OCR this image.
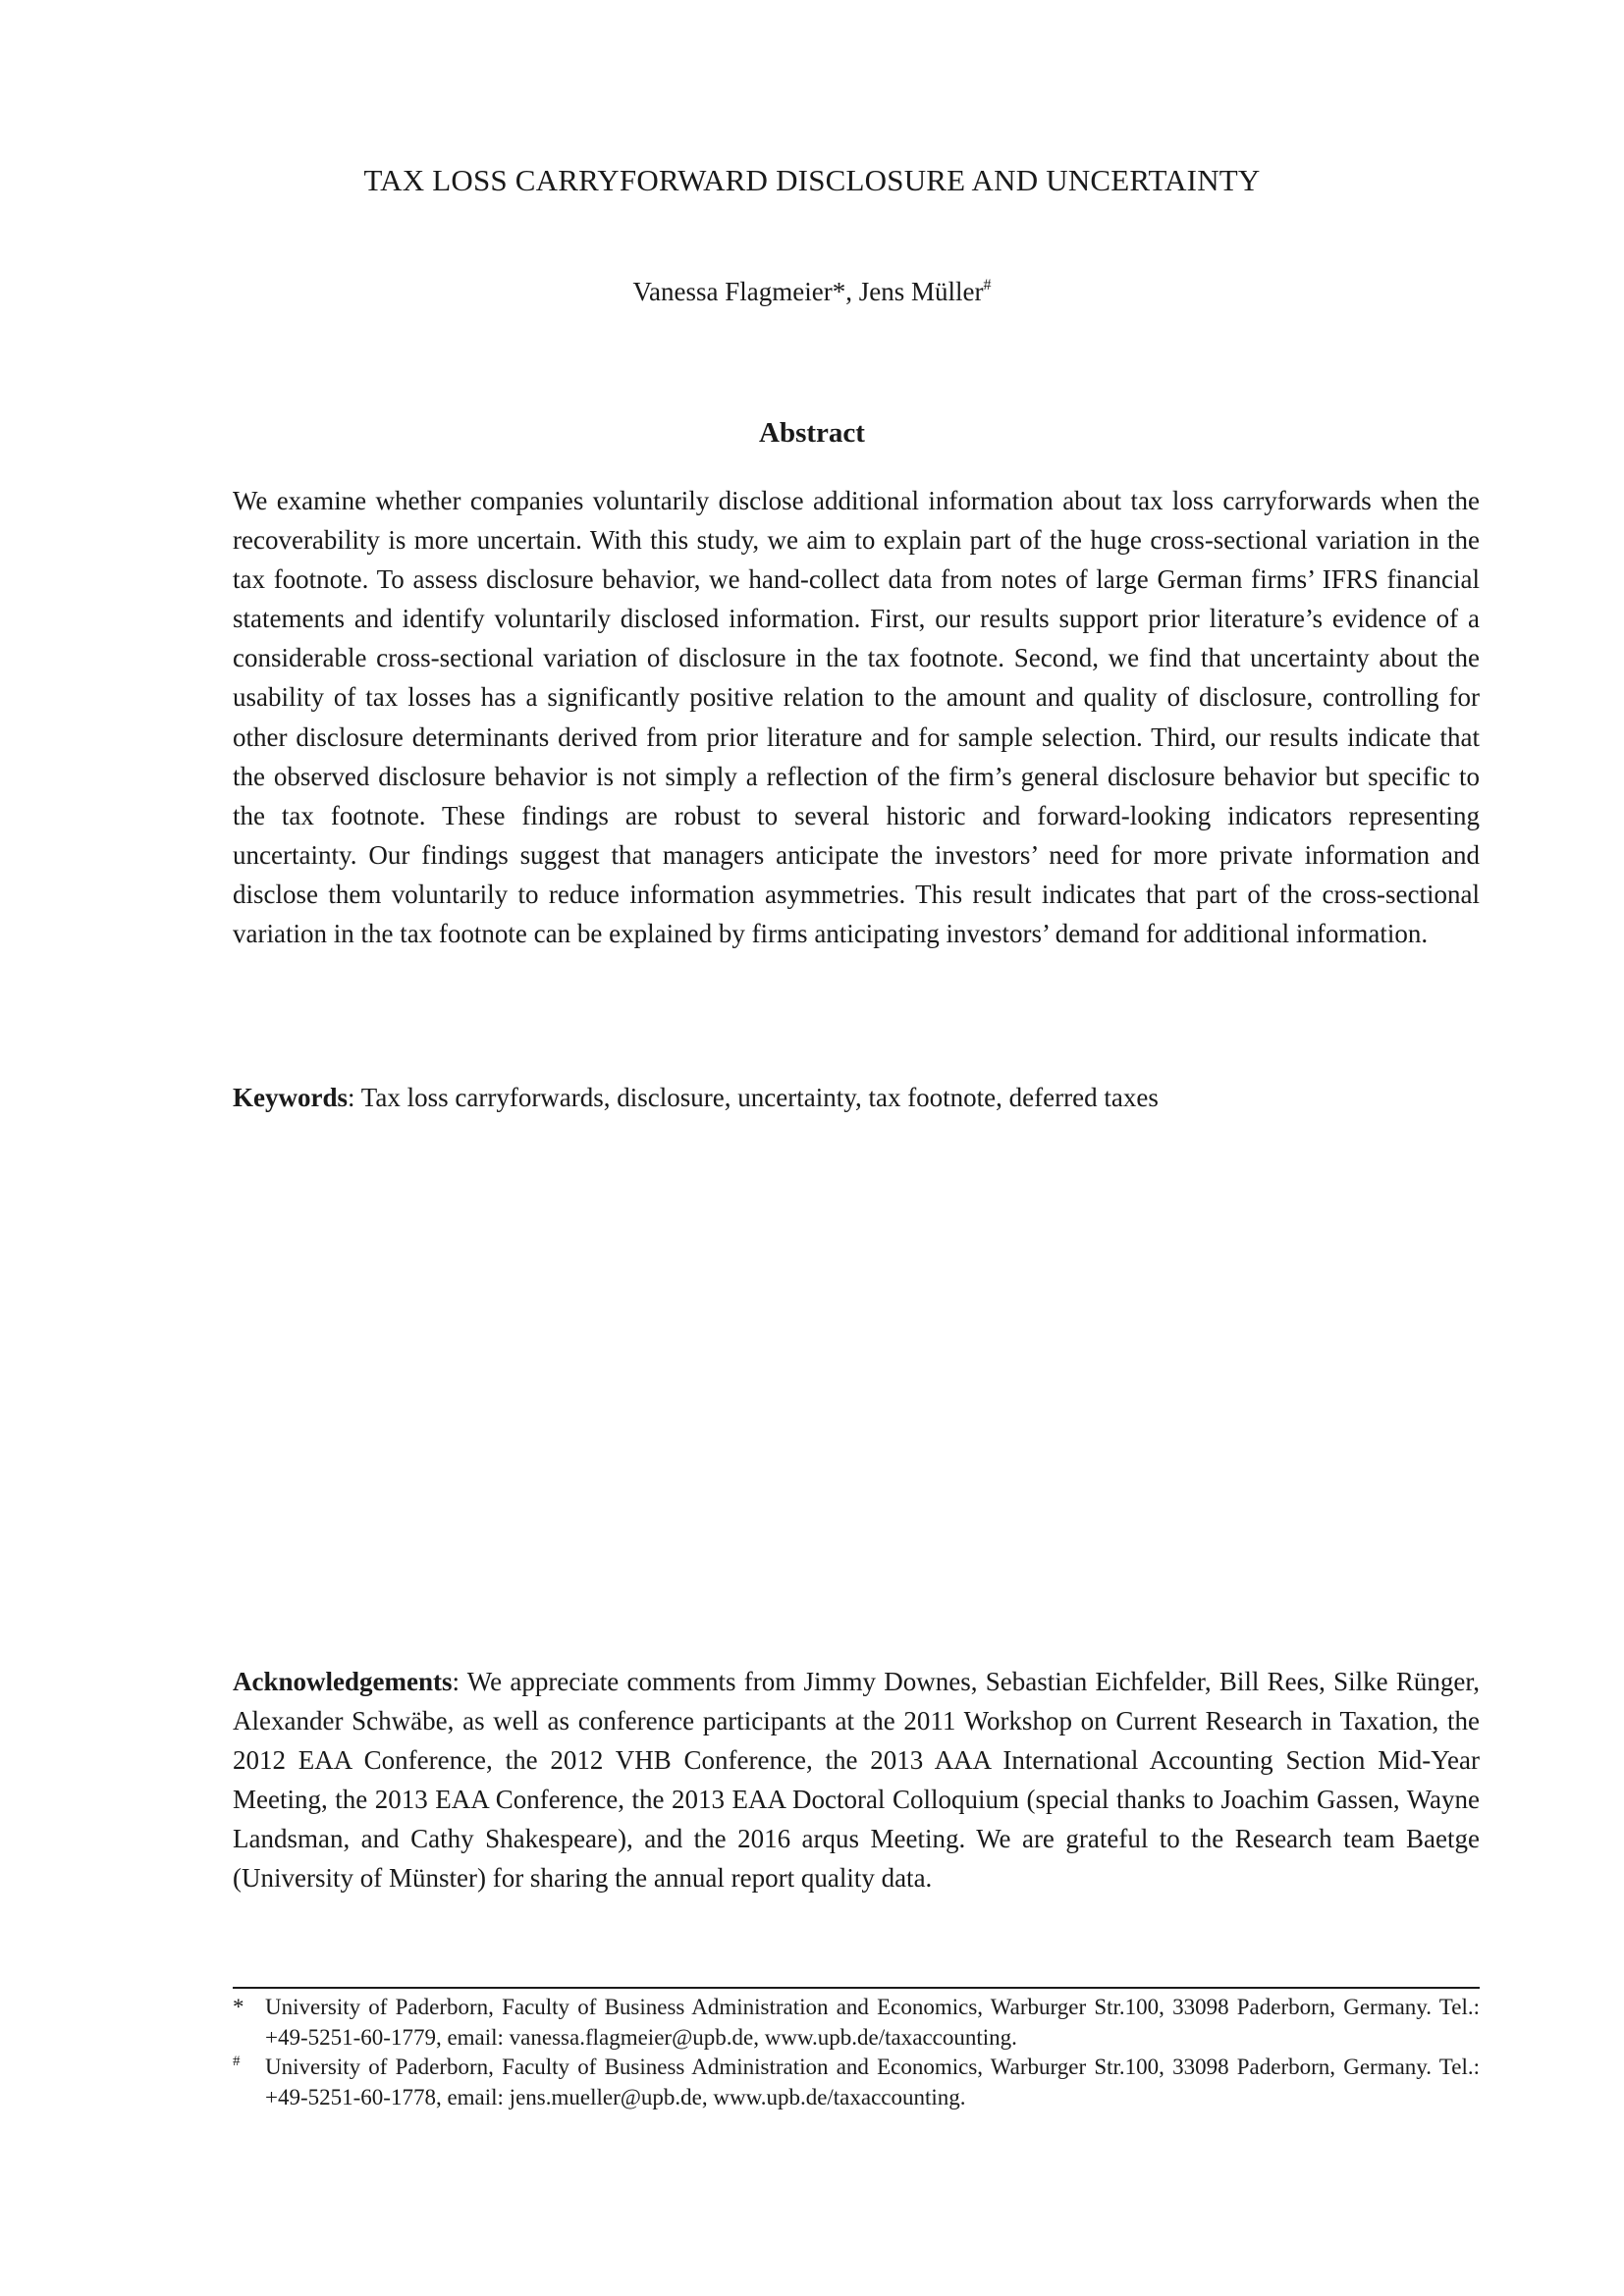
TAX LOSS CARRYFORWARD DISCLOSURE AND UNCERTAINTY
Vanessa Flagmeier*, Jens Müller#
Abstract

We examine whether companies voluntarily disclose additional information about tax loss carryforwards when the recoverability is more uncertain. With this study, we aim to explain part of the huge cross-sectional variation in the tax footnote. To assess disclosure behavior, we hand-collect data from notes of large German firms’ IFRS financial statements and identify voluntarily disclosed information. First, our results support prior literature’s evidence of a considerable cross-sectional variation of disclosure in the tax footnote. Second, we find that uncertainty about the usability of tax losses has a significantly positive relation to the amount and quality of disclosure, controlling for other disclosure determinants derived from prior literature and for sample selection. Third, our results indicate that the observed disclosure behavior is not simply a reflection of the firm’s general disclosure behavior but specific to the tax footnote. These findings are robust to several historic and forward-looking indicators representing uncertainty. Our findings suggest that managers anticipate the investors’ need for more private information and disclose them voluntarily to reduce information asymmetries. This result indicates that part of the cross-sectional variation in the tax footnote can be explained by firms anticipating investors’ demand for additional information.

Keywords: Tax loss carryforwards, disclosure, uncertainty, tax footnote, deferred taxes

Acknowledgements: We appreciate comments from Jimmy Downes, Sebastian Eichfelder, Bill Rees, Silke Rünger, Alexander Schwäbe, as well as conference participants at the 2011 Workshop on Current Research in Taxation, the 2012 EAA Conference, the 2012 VHB Conference, the 2013 AAA International Accounting Section Mid-Year Meeting, the 2013 EAA Conference, the 2013 EAA Doctoral Colloquium (special thanks to Joachim Gassen, Wayne Landsman, and Cathy Shakespeare), and the 2016 arqus Meeting. We are grateful to the Research team Baetge (University of Münster) for sharing the annual report quality data.

* University of Paderborn, Faculty of Business Administration and Economics, Warburger Str.100, 33098 Paderborn, Germany. Tel.: +49-5251-60-1779, email: vanessa.flagmeier@upb.de, www.upb.de/taxaccounting.
# University of Paderborn, Faculty of Business Administration and Economics, Warburger Str.100, 33098 Paderborn, Germany. Tel.: +49-5251-60-1778, email: jens.mueller@upb.de, www.upb.de/taxaccounting.
